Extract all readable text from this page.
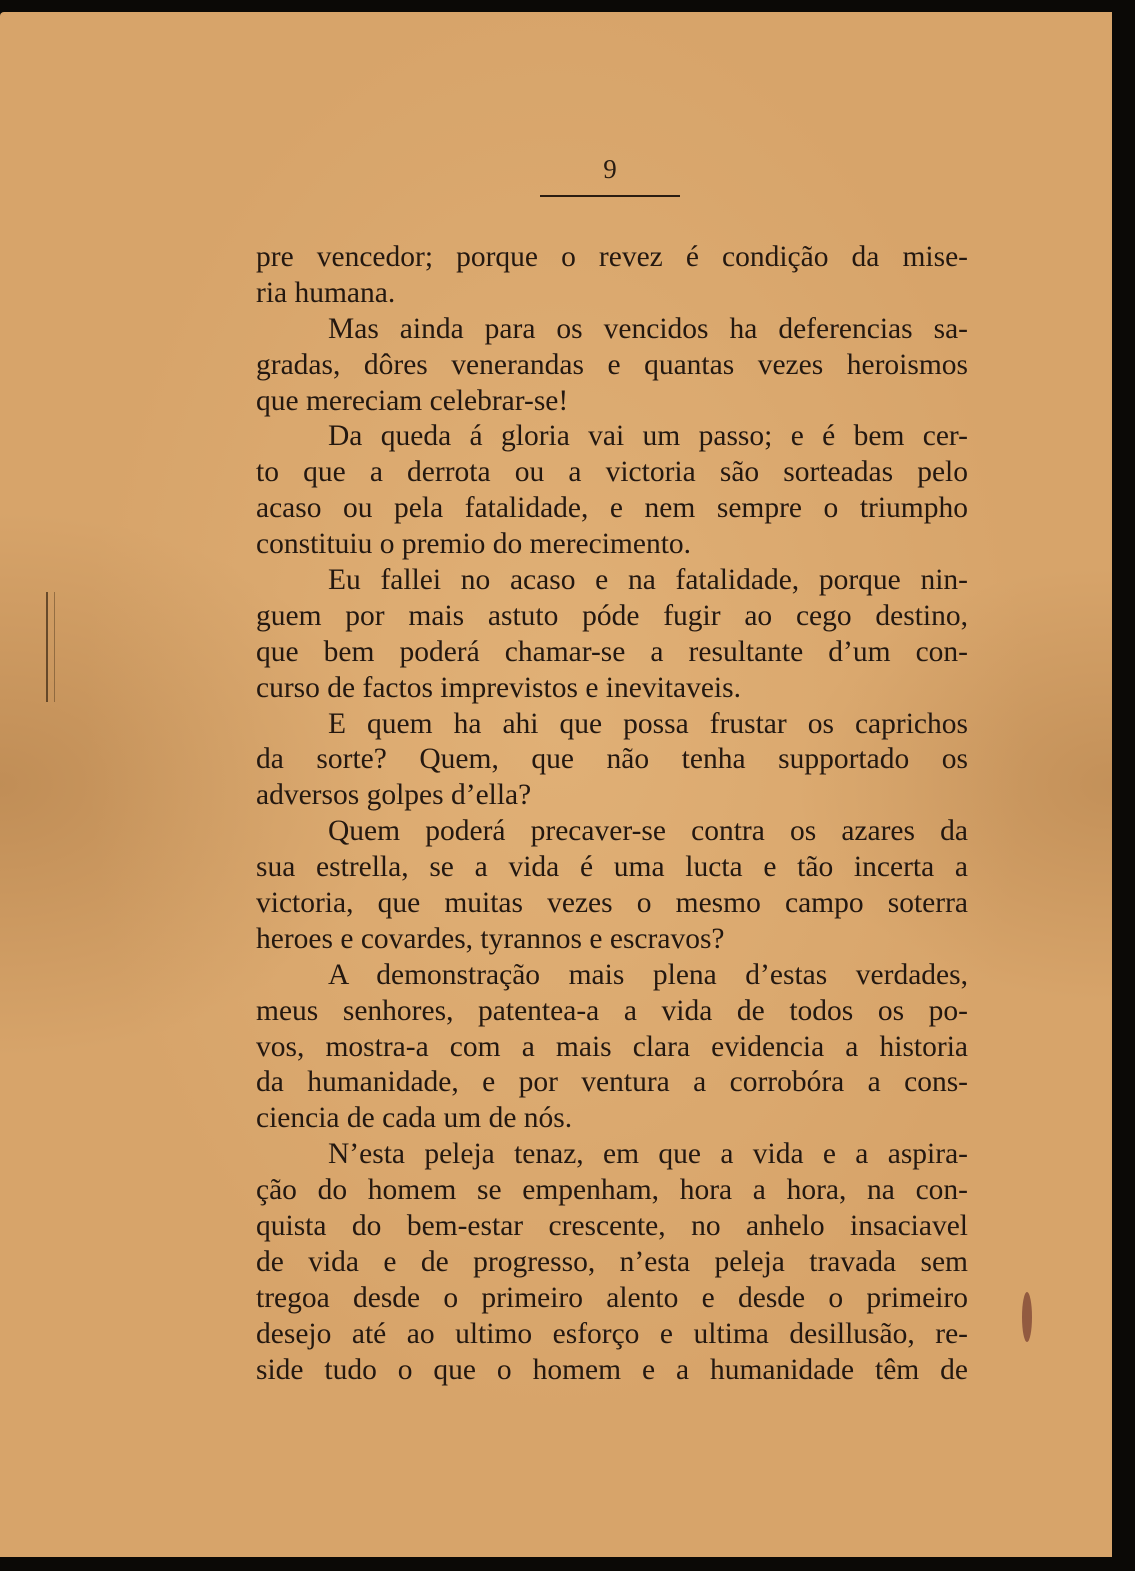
9
pre vencedor; porque o revez é condição da mise-
ria humana.
Mas ainda para os vencidos ha deferencias sa-
gradas, dôres venerandas e quantas vezes heroismos
que mereciam celebrar-se!
Da queda á gloria vai um passo; e é bem cer-
to que a derrota ou a victoria são sorteadas pelo
acaso ou pela fatalidade, e nem sempre o triumpho
constituiu o premio do merecimento.
Eu fallei no acaso e na fatalidade, porque nin-
guem por mais astuto póde fugir ao cego destino,
que bem poderá chamar-se a resultante d’um con-
curso de factos imprevistos e inevitaveis.
E quem ha ahi que possa frustar os caprichos
da sorte? Quem, que não tenha supportado os
adversos golpes d’ella?
Quem poderá precaver-se contra os azares da
sua estrella, se a vida é uma lucta e tão incerta a
victoria, que muitas vezes o mesmo campo soterra
heroes e covardes, tyrannos e escravos?
A demonstração mais plena d’estas verdades,
meus senhores, patentea-a a vida de todos os po-
vos, mostra-a com a mais clara evidencia a historia
da humanidade, e por ventura a corrobóra a cons-
ciencia de cada um de nós.
N’esta peleja tenaz, em que a vida e a aspira-
ção do homem se empenham, hora a hora, na con-
quista do bem-estar crescente, no anhelo insaciavel
de vida e de progresso, n’esta peleja travada sem
tregoa desde o primeiro alento e desde o primeiro
desejo até ao ultimo esforço e ultima desillusão, re-
side tudo o que o homem e a humanidade têm de
